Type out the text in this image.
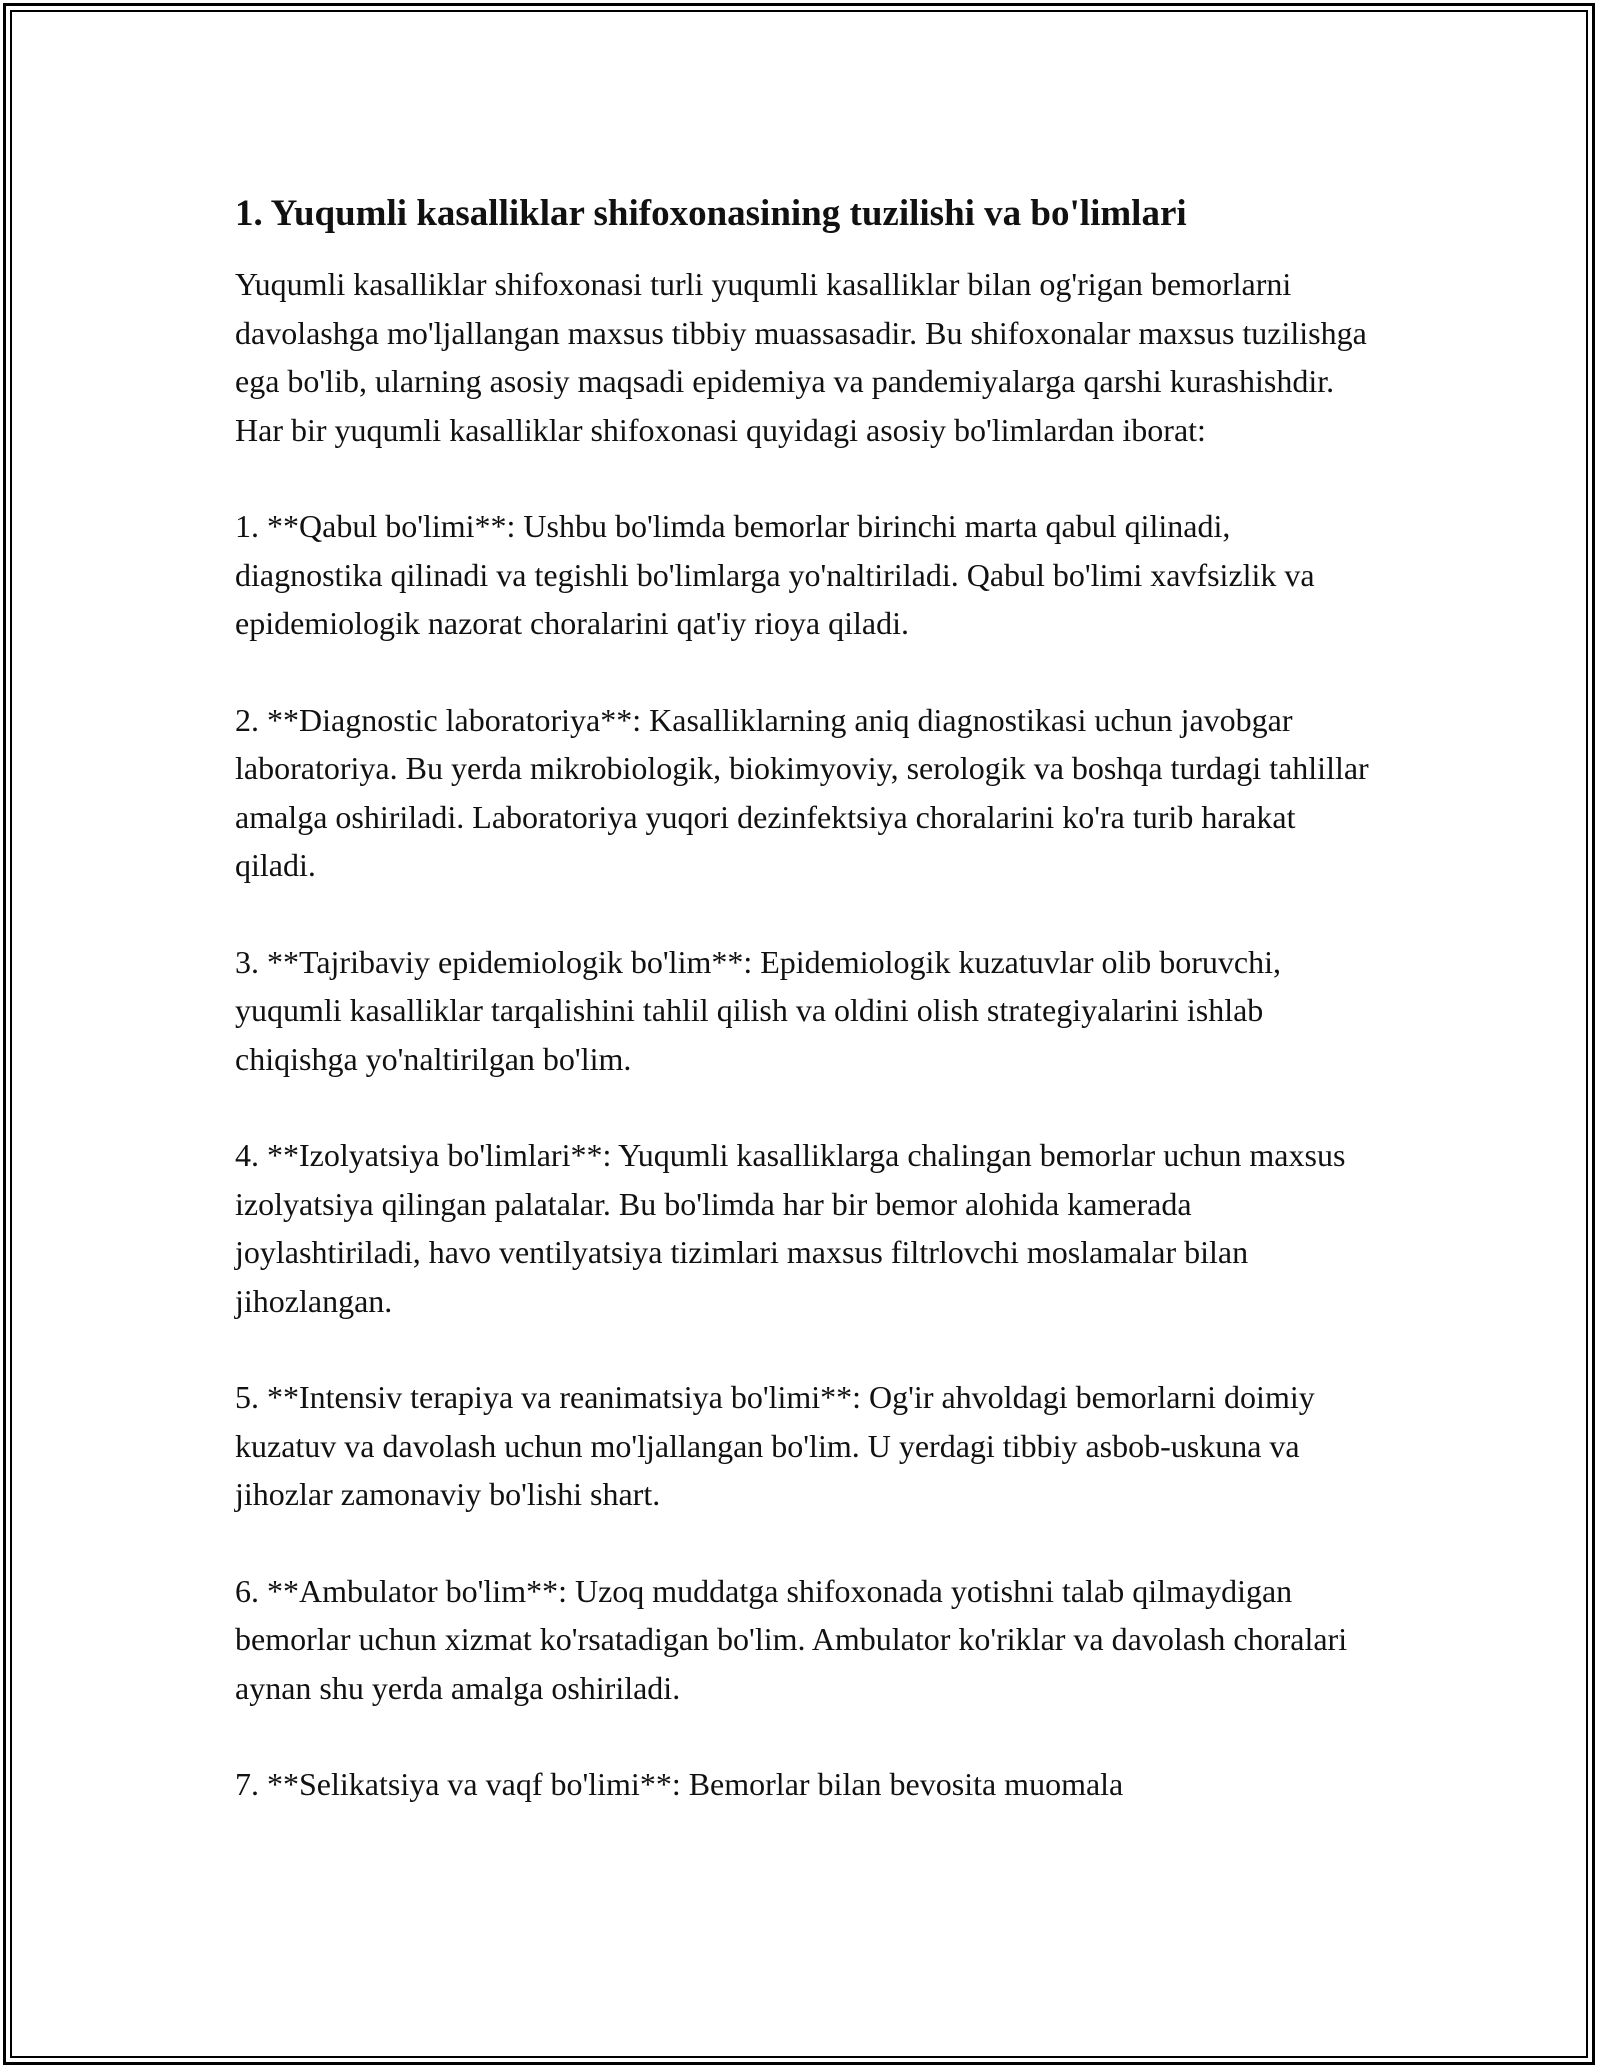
1. Yuqumli kasalliklar shifoxonasining tuzilishi va bo'limlari

Yuqumli kasalliklar shifoxonasi turli yuqumli kasalliklar bilan og'rigan bemorlarni davolashga mo'ljallangan maxsus tibbiy muassasadir. Bu shifoxonalar maxsus tuzilishga ega bo'lib, ularning asosiy maqsadi epidemiya va pandemiyalarga qarshi kurashishdir. Har bir yuqumli kasalliklar shifoxonasi quyidagi asosiy bo'limlardan iborat:

1. **Qabul bo'limi**: Ushbu bo'limda bemorlar birinchi marta qabul qilinadi, diagnostika qilinadi va tegishli bo'limlarga yo'naltiriladi. Qabul bo'limi xavfsizlik va epidemiologik nazorat choralarini qat'iy rioya qiladi.

2. **Diagnostic laboratoriya**: Kasalliklarning aniq diagnostikasi uchun javobgar laboratoriya. Bu yerda mikrobiologik, biokimyoviy, serologik va boshqa turdagi tahlillar amalga oshiriladi. Laboratoriya yuqori dezinfektsiya choralarini ko'ra turib harakat qiladi.

3. **Tajribaviy epidemiologik bo'lim**: Epidemiologik kuzatuvlar olib boruvchi, yuqumli kasalliklar tarqalishini tahlil qilish va oldini olish strategiyalarini ishlab chiqishga yo'naltirilgan bo'lim.

4. **Izolyatsiya bo'limlari**: Yuqumli kasalliklarga chalingan bemorlar uchun maxsus izolyatsiya qilingan palatalar. Bu bo'limda har bir bemor alohida kamerada joylashtiriladi, havo ventilyatsiya tizimlari maxsus filtrlovchi moslamalar bilan jihozlangan.

5. **Intensiv terapiya va reanimatsiya bo'limi**: Og'ir ahvoldagi bemorlarni doimiy kuzatuv va davolash uchun mo'ljallangan bo'lim. U yerdagi tibbiy asbob-uskuna va jihozlar zamonaviy bo'lishi shart.

6. **Ambulator bo'lim**: Uzoq muddatga shifoxonada yotishni talab qilmaydigan bemorlar uchun xizmat ko'rsatadigan bo'lim. Ambulator ko'riklar va davolash choralari aynan shu yerda amalga oshiriladi.

7. **Selikatsiya va vaqf bo'limi**: Bemorlar bilan bevosita muomala
